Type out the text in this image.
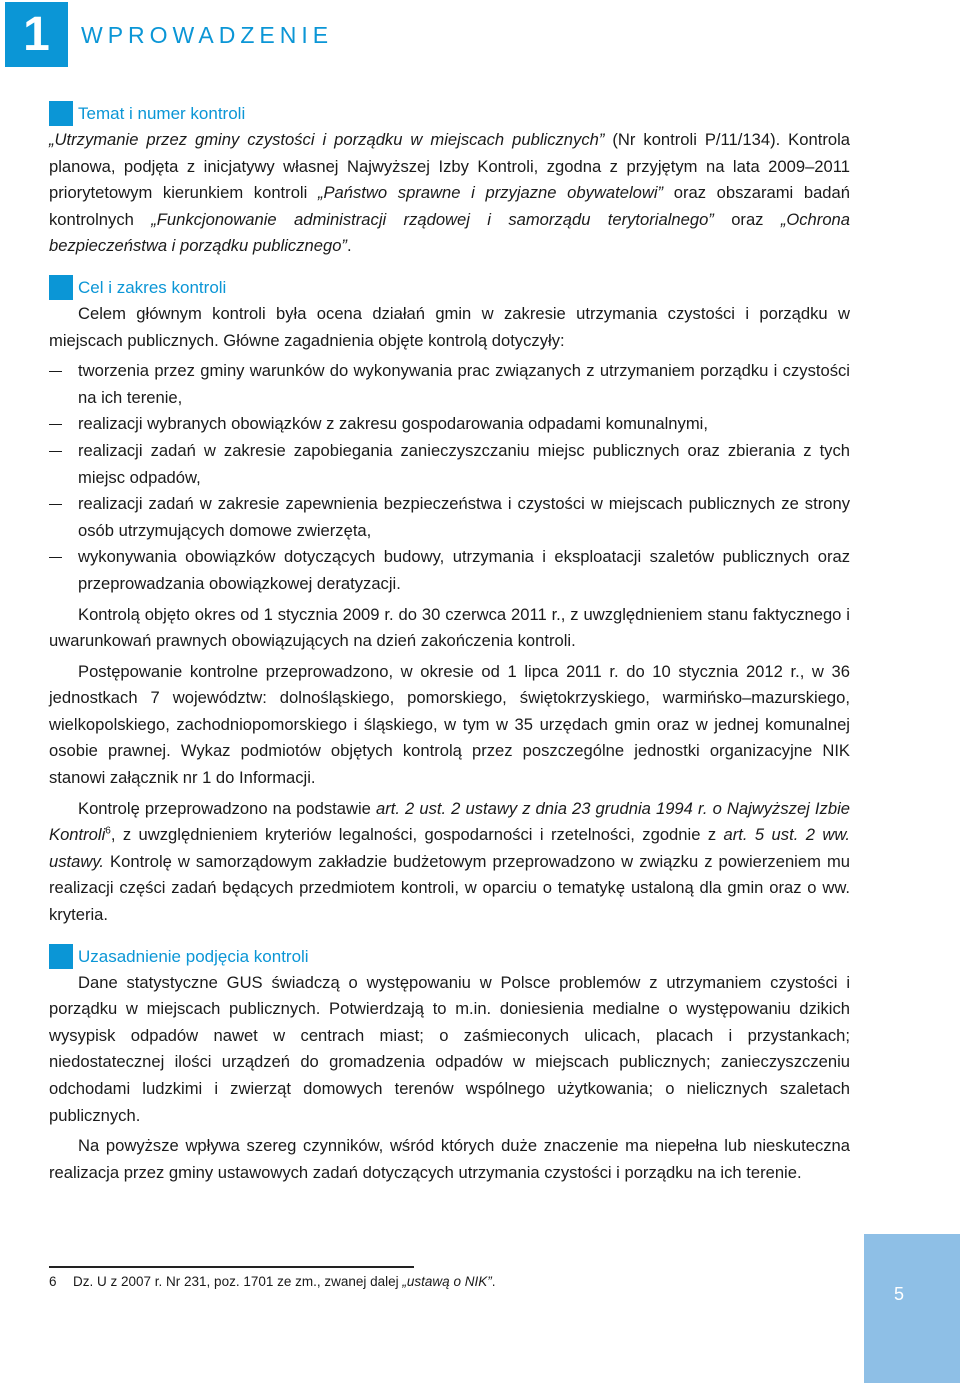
1	WPROWADZENIE
Temat i numer kontroli

„Utrzymanie przez gminy czystości i porządku w miejscach publicznych” (Nr kontroli P/11/134). Kontrola planowa, podjęta z inicjatywy własnej Najwyższej Izby Kontroli, zgodna z przyjętym na lata 2009–2011 priorytetowym kierunkiem kontroli „Państwo sprawne i przyjazne obywatelowi” oraz obszarami badań kontrolnych „Funkcjonowanie administracji rządowej i samorządu terytorialnego” oraz „Ochrona bezpieczeństwa i porządku publicznego”.

Cel i zakres kontroli

Celem głównym kontroli była ocena działań gmin w zakresie utrzymania czystości i porządku w miejscach publicznych. Główne zagadnienia objęte kontrolą dotyczyły:

tworzenia przez gminy warunków do wykonywania prac związanych z utrzymaniem porządku i czystości na ich terenie,
realizacji wybranych obowiązków z zakresu gospodarowania odpadami komunalnymi,
realizacji zadań w zakresie zapobiegania zanieczyszczaniu miejsc publicznych oraz zbierania z tych miejsc odpadów,
realizacji zadań w zakresie zapewnienia bezpieczeństwa i czystości w miejscach publicznych ze strony osób utrzymujących domowe zwierzęta,
wykonywania obowiązków dotyczących budowy, utrzymania i eksploatacji szaletów publicznych oraz przeprowadzania obowiązkowej deratyzacji.

Kontrolą objęto okres od 1 stycznia 2009 r. do 30 czerwca 2011 r., z uwzględnieniem stanu faktycznego i uwarunkowań prawnych obowiązujących na dzień zakończenia kontroli.

Postępowanie kontrolne przeprowadzono, w okresie od 1 lipca 2011 r. do 10 stycznia 2012 r., w 36 jednostkach 7 województw: dolnośląskiego, pomorskiego, świętokrzyskiego, warmińsko–mazurskiego, wielkopolskiego, zachodniopomorskiego i śląskiego, w tym w 35 urzędach gmin oraz w jednej komunalnej osobie prawnej. Wykaz podmiotów objętych kontrolą przez poszczególne jednostki organizacyjne NIK stanowi załącznik nr 1 do Informacji.

Kontrolę przeprowadzono na podstawie art. 2 ust. 2 ustawy z dnia 23 grudnia 1994 r. o Najwyższej Izbie Kontroli$^6$, z uwzględnieniem kryteriów legalności, gospodarności i rzetelności, zgodnie z art. 5 ust. 2 ww. ustawy. Kontrolę w samorządowym zakładzie budżetowym przeprowadzono w związku z powierzeniem mu realizacji części zadań będących przedmiotem kontroli, w oparciu o tematykę ustaloną dla gmin oraz o ww. kryteria.

Uzasadnienie podjęcia kontroli

Dane statystyczne GUS świadczą o występowaniu w Polsce problemów z utrzymaniem czystości i porządku w miejscach publicznych. Potwierdzają to m.in. doniesienia medialne o występowaniu dzikich wysypisk odpadów nawet w centrach miast; o zaśmieconych ulicach, placach i przystankach; niedostatecznej ilości urządzeń do gromadzenia odpadów w miejscach publicznych; zanieczyszczeniu odchodami ludzkimi i zwierząt domowych terenów wspólnego użytkowania; o nielicznych szaletach publicznych.

Na powyższe wpływa szereg czynników, wśród których duże znaczenie ma niepełna lub nieskuteczna realizacja przez gminy ustawowych zadań dotyczących utrzymania czystości i porządku na ich terenie.

6 Dz. U z 2007 r. Nr 231, poz. 1701 ze zm., zwanej dalej „ustawą o NIK”.
5
